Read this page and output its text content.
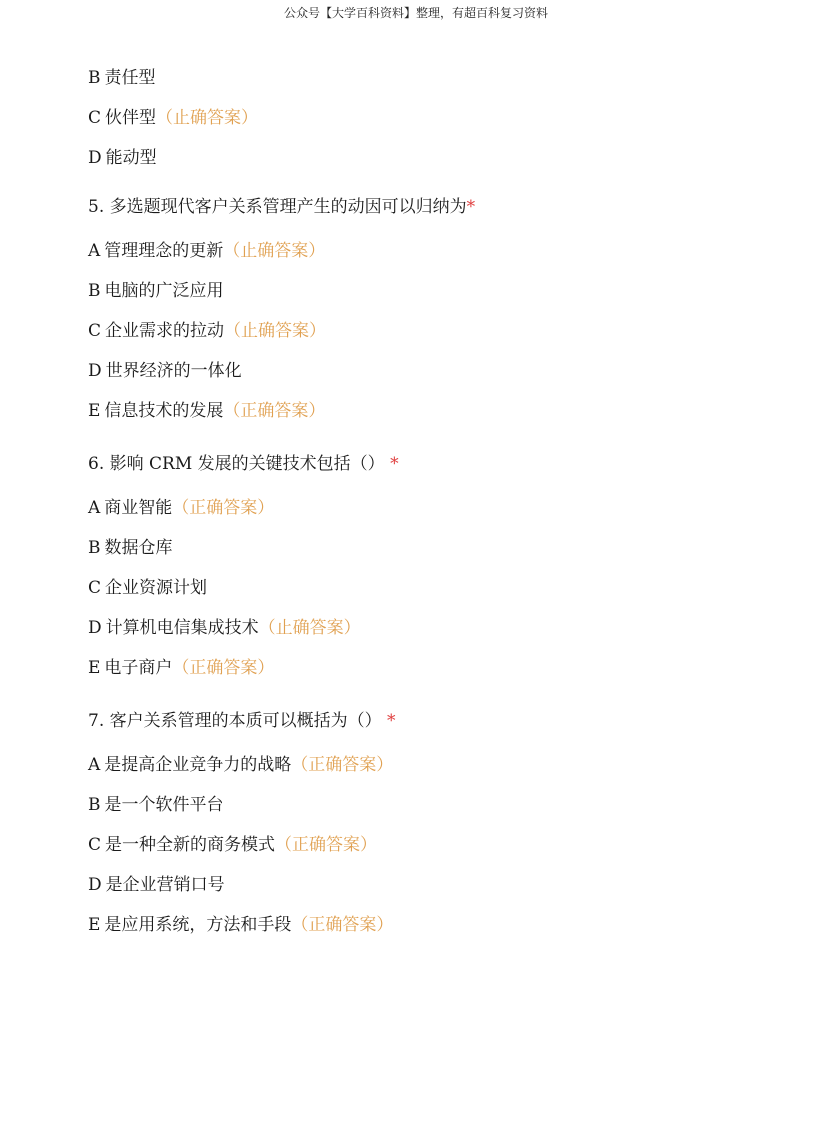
公众号【大学百科资料】整理，有超百科复习资料
B 责任型
C 伙伴型（止确答案）
D 能动型
5. 多选题现代客户关系管理产生的动因可以归纳为*
A 管理理念的更新（止确答案）
B 电脑的广泛应用
C 企业需求的拉动（止确答案）
D 世界经济的一体化
E 信息技术的发展（正确答案）
6. 影响 CRM 发展的关键技术包括（） *
A 商业智能（正确答案）
B 数据仓库
C 企业资源计划
D 计算机电信集成技术（止确答案）
E 电子商户（正确答案）
7. 客户关系管理的本质可以概括为（） *
A 是提高企业竞争力的战略（正确答案）
B 是一个软件平台
C 是一种全新的商务模式（正确答案）
D 是企业营销口号
E 是应用系统，方法和手段（正确答案）
